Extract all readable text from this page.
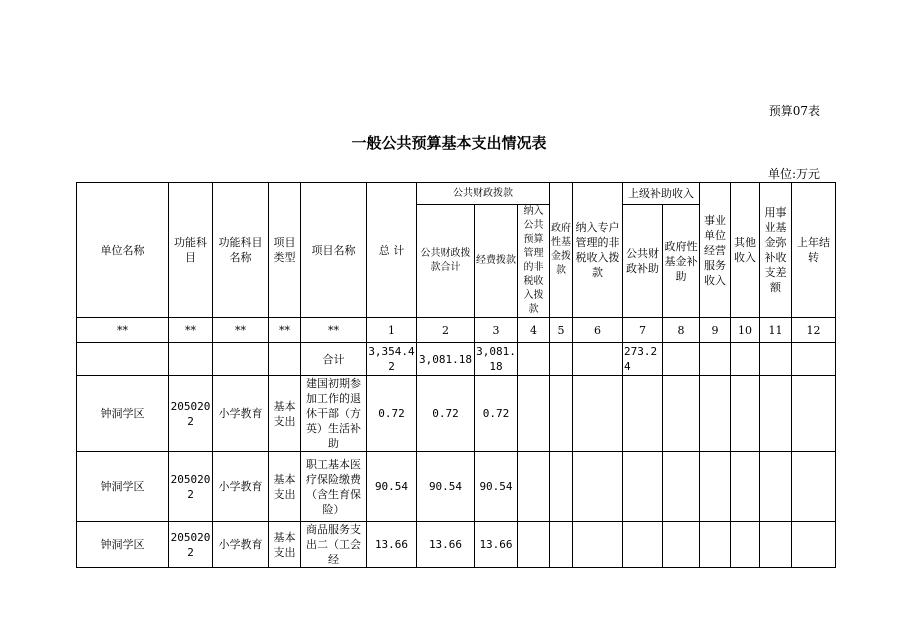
预算07表
一般公共预算基本支出情况表
单位:万元
单位名称	功能科目	功能科目名称	项目类型	项目名称	总 计	公共财政拨款			政府性基金拨款	纳入专户管理的非税收入拨款	上级补助收入		事业单位经营服务收入	其他收入	用事业基金弥补收支差额	上年结转
						公共财政拨款合计	经费拨款	纳入公共预算管理的非税收入拨款			公共财政补助	政府性基金补助				
**	**	**	**	**	1	2	3	4	5	6	7	8	9	10	11	12
				合计	3,354.42	3,081.18	3,081.18				273.24					
钟洞学区	2050202	小学教育	基本支出	建国初期参加工作的退休干部（方英）生活补助	0.72	0.72	0.72									
钟洞学区	2050202	小学教育	基本支出	职工基本医疗保险缴费（含生育保险）	90.54	90.54	90.54									
钟洞学区	2050202	小学教育	基本支出	商品服务支出二（工会经	13.66	13.66	13.66									
